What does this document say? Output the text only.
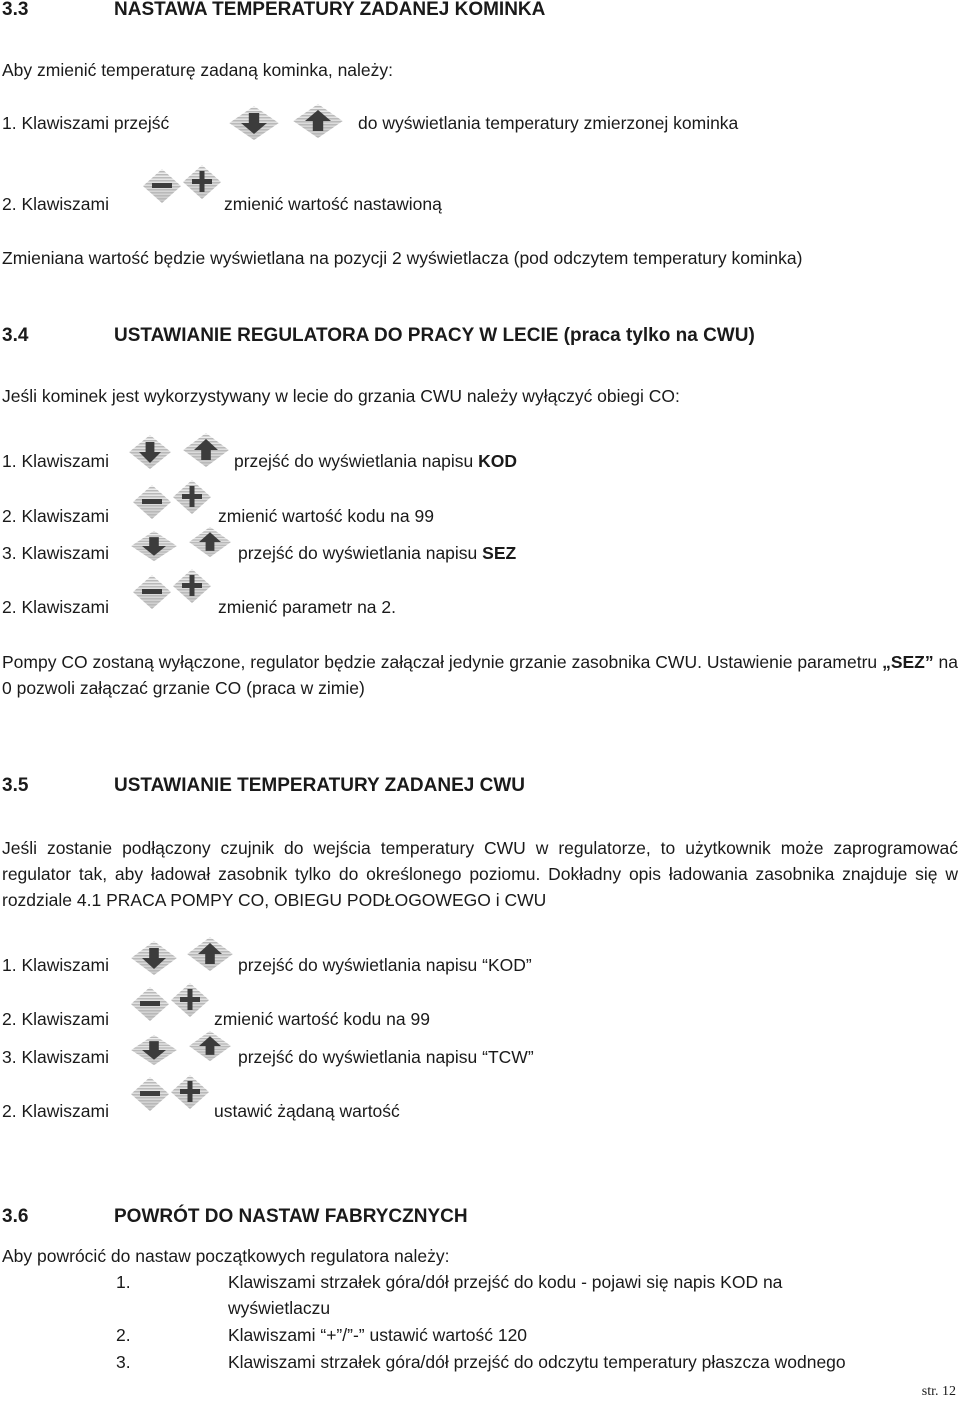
3.3	NASTAWA TEMPERATURY ZADANEJ KOMINKA
Aby zmienić temperaturę zadaną kominka, należy:
1. Klawiszami przejść	do wyświetlania temperatury zmierzonej kominka
2. Klawiszami	zmienić wartość nastawioną
Zmieniana wartość będzie wyświetlana na pozycji 2 wyświetlacza (pod odczytem temperatury kominka)
3.4	USTAWIANIE REGULATORA DO PRACY W LECIE (praca tylko na CWU)
Jeśli kominek jest wykorzystywany w lecie do grzania CWU należy wyłączyć obiegi CO:
1. Klawiszami	przejść do wyświetlania napisu KOD
2. Klawiszami	zmienić wartość kodu na 99
3. Klawiszami	przejść do wyświetlania napisu SEZ
2. Klawiszami	zmienić parametr na 2.
Pompy CO zostaną wyłączone, regulator będzie załączał jedynie grzanie zasobnika CWU. Ustawienie parametru „SEZ” na 0 pozwoli załączać grzanie CO (praca w zimie)
3.5	USTAWIANIE TEMPERATURY ZADANEJ CWU
Jeśli zostanie podłączony czujnik do wejścia temperatury CWU w regulatorze, to użytkownik może zaprogramować regulator tak, aby ładował zasobnik tylko do określonego poziomu. Dokładny opis ładowania zasobnika znajduje się w rozdziale 4.1 PRACA POMPY CO, OBIEGU PODŁOGOWEGO i CWU
1. Klawiszami	przejść do wyświetlania napisu “KOD”
2. Klawiszami	zmienić wartość kodu na 99
3. Klawiszami	przejść do wyświetlania napisu “TCW”
2. Klawiszami	ustawić żądaną wartość
3.6	POWRÓT DO NASTAW FABRYCZNYCH
Aby powrócić do nastaw początkowych regulatora należy:
1.	Klawiszami strzałek góra/dół przejść do kodu - pojawi się napis KOD na
wyświetlaczu
2.	Klawiszami “+”/”-” ustawić wartość 120
3.	Klawiszami strzałek góra/dół przejść do odczytu temperatury płaszcza wodnego
str. 12
